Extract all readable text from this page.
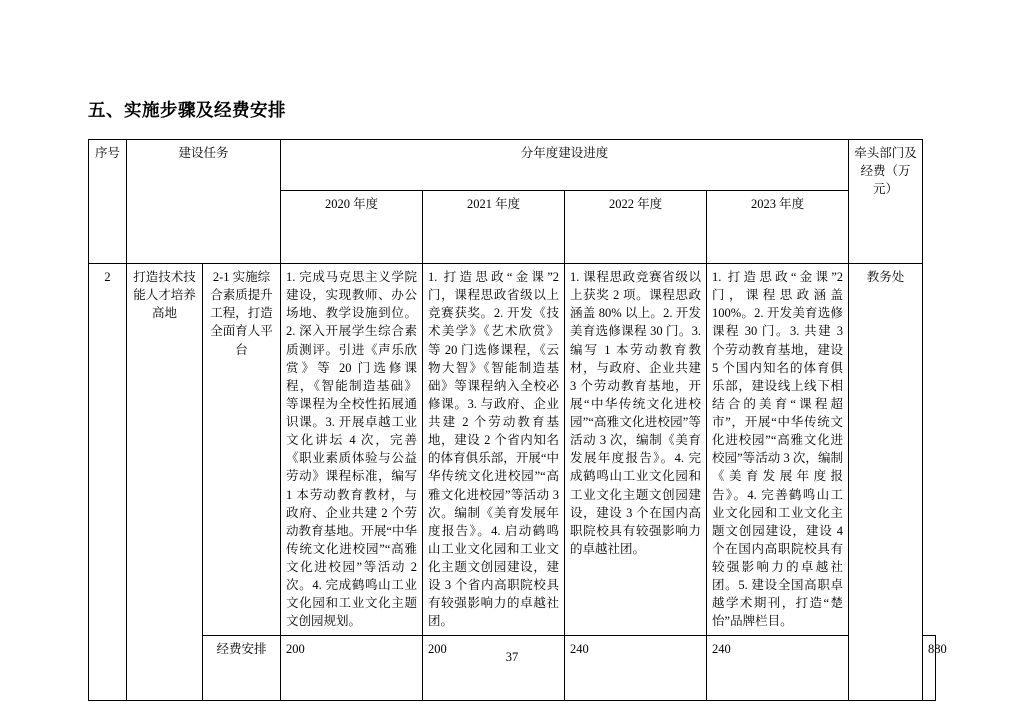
五、实施步骤及经费安排
序号	建设任务		分年度建设进度				牵头部门及经费（万元）	
			2020 年度	2021 年度	2022 年度	2023 年度		
2	打造技术技能人才培养高地	2-1 实施综合素质提升工程，打造全面育人平台	1. 完成马克思主义学院建设，实现教师、办公场地、教学设施到位。2. 深入开展学生综合素质测评。引进《声乐欣赏》等 20 门选修课程，《智能制造基础》等课程为全校性拓展通识课。3. 开展卓越工业文化讲坛 4 次，完善《职业素质体验与公益劳动》课程标准，编写 1 本劳动教育教材，与政府、企业共建 2 个劳动教育基地。开展“中华传统文化进校园”“高雅文化进校园”等活动 2 次。4. 完成鹤鸣山工业文化园和工业文化主题文创园规划。	1. 打造思政“金课”2 门，课程思政省级以上竞赛获奖。2. 开发《技术美学》《艺术欣赏》等 20 门选修课程，《云物大智》《智能制造基础》等课程纳入全校必修课。3. 与政府、企业共建 2 个劳动教育基地，建设 2 个省内知名的体育俱乐部，开展“中华传统文化进校园”“高雅文化进校园”等活动 3 次。编制《美育发展年度报告》。4. 启动鹤鸣山工业文化园和工业文化主题文创园建设，建设 3 个省内高职院校具有较强影响力的卓越社团。	1. 课程思政竞赛省级以上获奖 2 项。课程思政涵盖 80% 以上。2. 开发美育选修课程 30 门。3. 编写 1 本劳动教育教材，与政府、企业共建 3 个劳动教育基地，开展“中华传统文化进校园”“高雅文化进校园”等活动 3 次，编制《美育发展年度报告》。4. 完成鹤鸣山工业文化园和工业文化主题文创园建设，建设 3 个在国内高职院校具有较强影响力的卓越社团。	1. 打造思政“金课”2 门，课程思政涵盖 100%。2. 开发美育选修课程 30 门。3. 共建 3 个劳动教育基地，建设 5 个国内知名的体育俱乐部，建设线上线下相结合的美育“课程超市”，开展“中华传统文化进校园”“高雅文化进校园”等活动 3 次，编制《美育发展年度报告》。4. 完善鹤鸣山工业文化园和工业文化主题文创园建设，建设 4 个在国内高职院校具有较强影响力的卓越社团。5. 建设全国高职卓越学术期刊，打造“楚怡”品牌栏目。	教务处
		经费安排	200	200	240	240		880
37
